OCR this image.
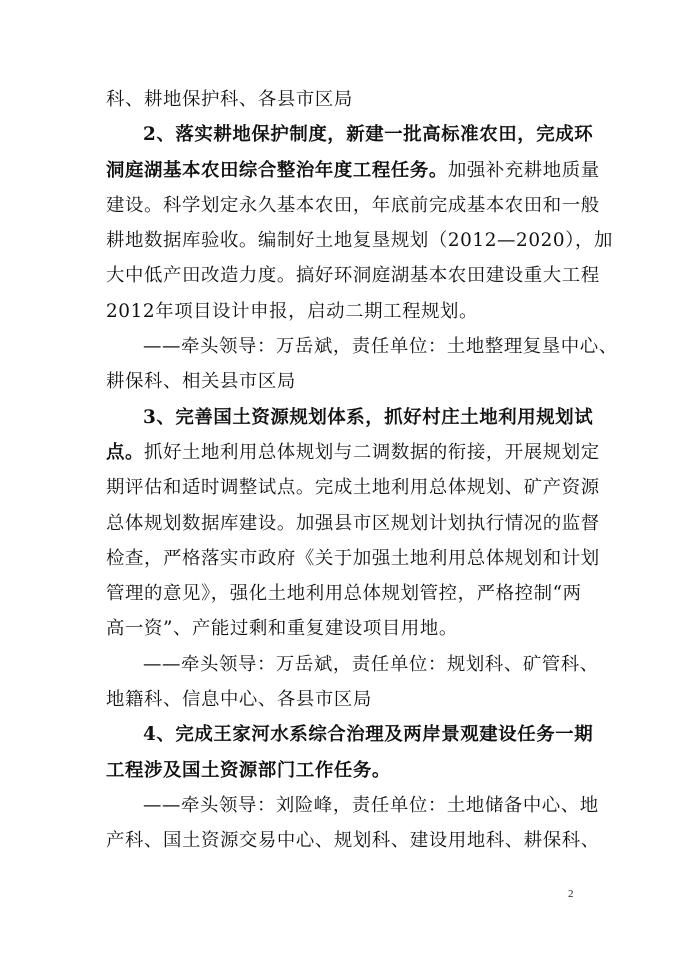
科、耕地保护科、各县市区局
2、落实耕地保护制度，新建一批高标准农田，完成环
洞庭湖基本农田综合整治年度工程任务。加强补充耕地质量
建设。科学划定永久基本农田，年底前完成基本农田和一般
耕地数据库验收。编制好土地复垦规划（2012—2020），加
大中低产田改造力度。搞好环洞庭湖基本农田建设重大工程
2012年项目设计申报，启动二期工程规划。
——牵头领导：万岳斌，责任单位：土地整理复垦中心、
耕保科、相关县市区局
3、完善国土资源规划体系，抓好村庄土地利用规划试
点。抓好土地利用总体规划与二调数据的衔接，开展规划定
期评估和适时调整试点。完成土地利用总体规划、矿产资源
总体规划数据库建设。加强县市区规划计划执行情况的监督
检查，严格落实市政府《关于加强土地利用总体规划和计划
管理的意见》，强化土地利用总体规划管控，严格控制“两
高一资”、产能过剩和重复建设项目用地。
——牵头领导：万岳斌，责任单位：规划科、矿管科、
地籍科、信息中心、各县市区局
4、完成王家河水系综合治理及两岸景观建设任务一期
工程涉及国土资源部门工作任务。
——牵头领导：刘险峰，责任单位：土地储备中心、地
产科、国土资源交易中心、规划科、建设用地科、耕保科、
2
